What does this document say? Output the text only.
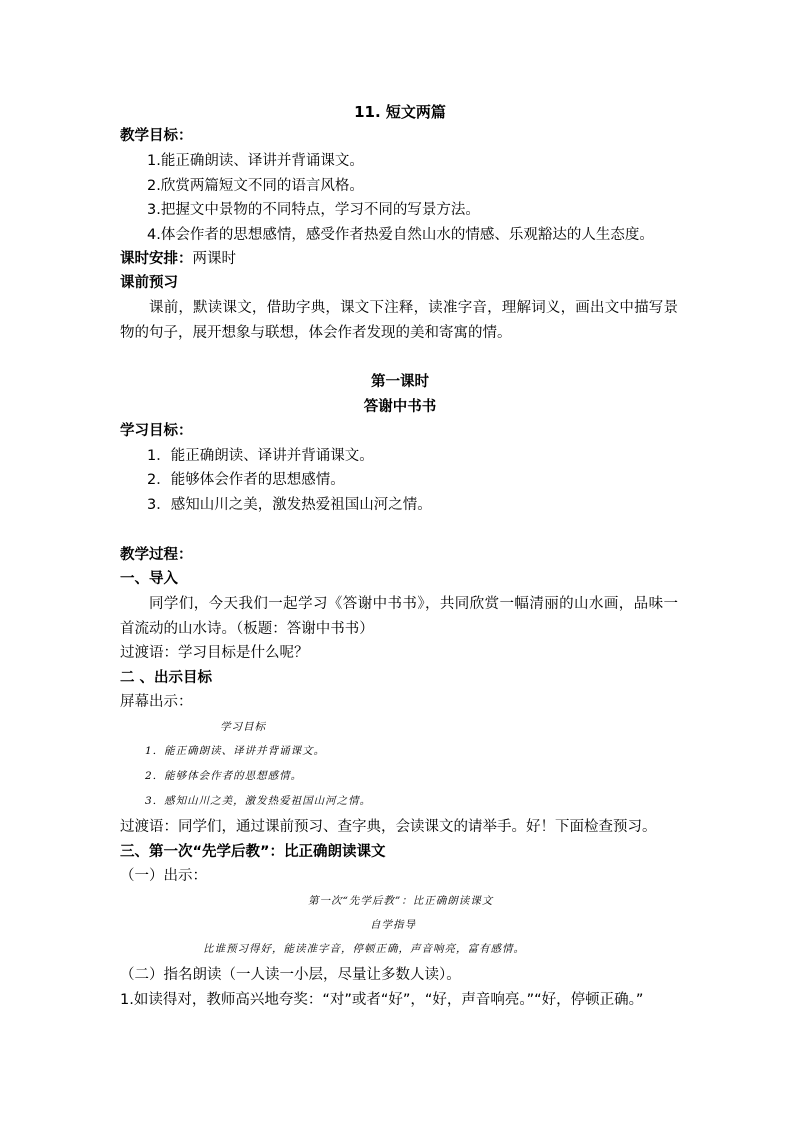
11. 短文两篇
教学目标：
1.能正确朗读、译讲并背诵课文。
2.欣赏两篇短文不同的语言风格。
3.把握文中景物的不同特点，学习不同的写景方法。
4.体会作者的思想感情，感受作者热爱自然山水的情感、乐观豁达的人生态度。
课时安排：两课时
课前预习
课前，默读课文，借助字典，课文下注释，读准字音，理解词义，画出文中描写景物的句子，展开想象与联想，体会作者发现的美和寄寓的情。
第一课时
答谢中书书
学习目标：
1．能正确朗读、译讲并背诵课文。
2．能够体会作者的思想感情。
3．感知山川之美，激发热爱祖国山河之情。
教学过程：
一、导入
同学们，今天我们一起学习《答谢中书书》，共同欣赏一幅清丽的山水画，品味一首流动的山水诗。（板题：答谢中书书）
过渡语：学习目标是什么呢？
二 、出示目标
屏幕出示：
学习目标
1．能正确朗读、译讲并背诵课文。
2．能够体会作者的思想感情。
3．感知山川之美，激发热爱祖国山河之情。
过渡语：同学们，通过课前预习、查字典，会读课文的请举手。好！下面检查预习。
三、第一次“先学后教”：比正确朗读课文
（一）出示：
第一次“先学后教”：比正确朗读课文
自学指导
比谁预习得好，能读准字音，停顿正确，声音响亮，富有感情。
（二）指名朗读（一人读一小层，尽量让多数人读）。
1.如读得对，教师高兴地夸奖：“对”或者“好”，“好，声音响亮。”“好，停顿正确。”
